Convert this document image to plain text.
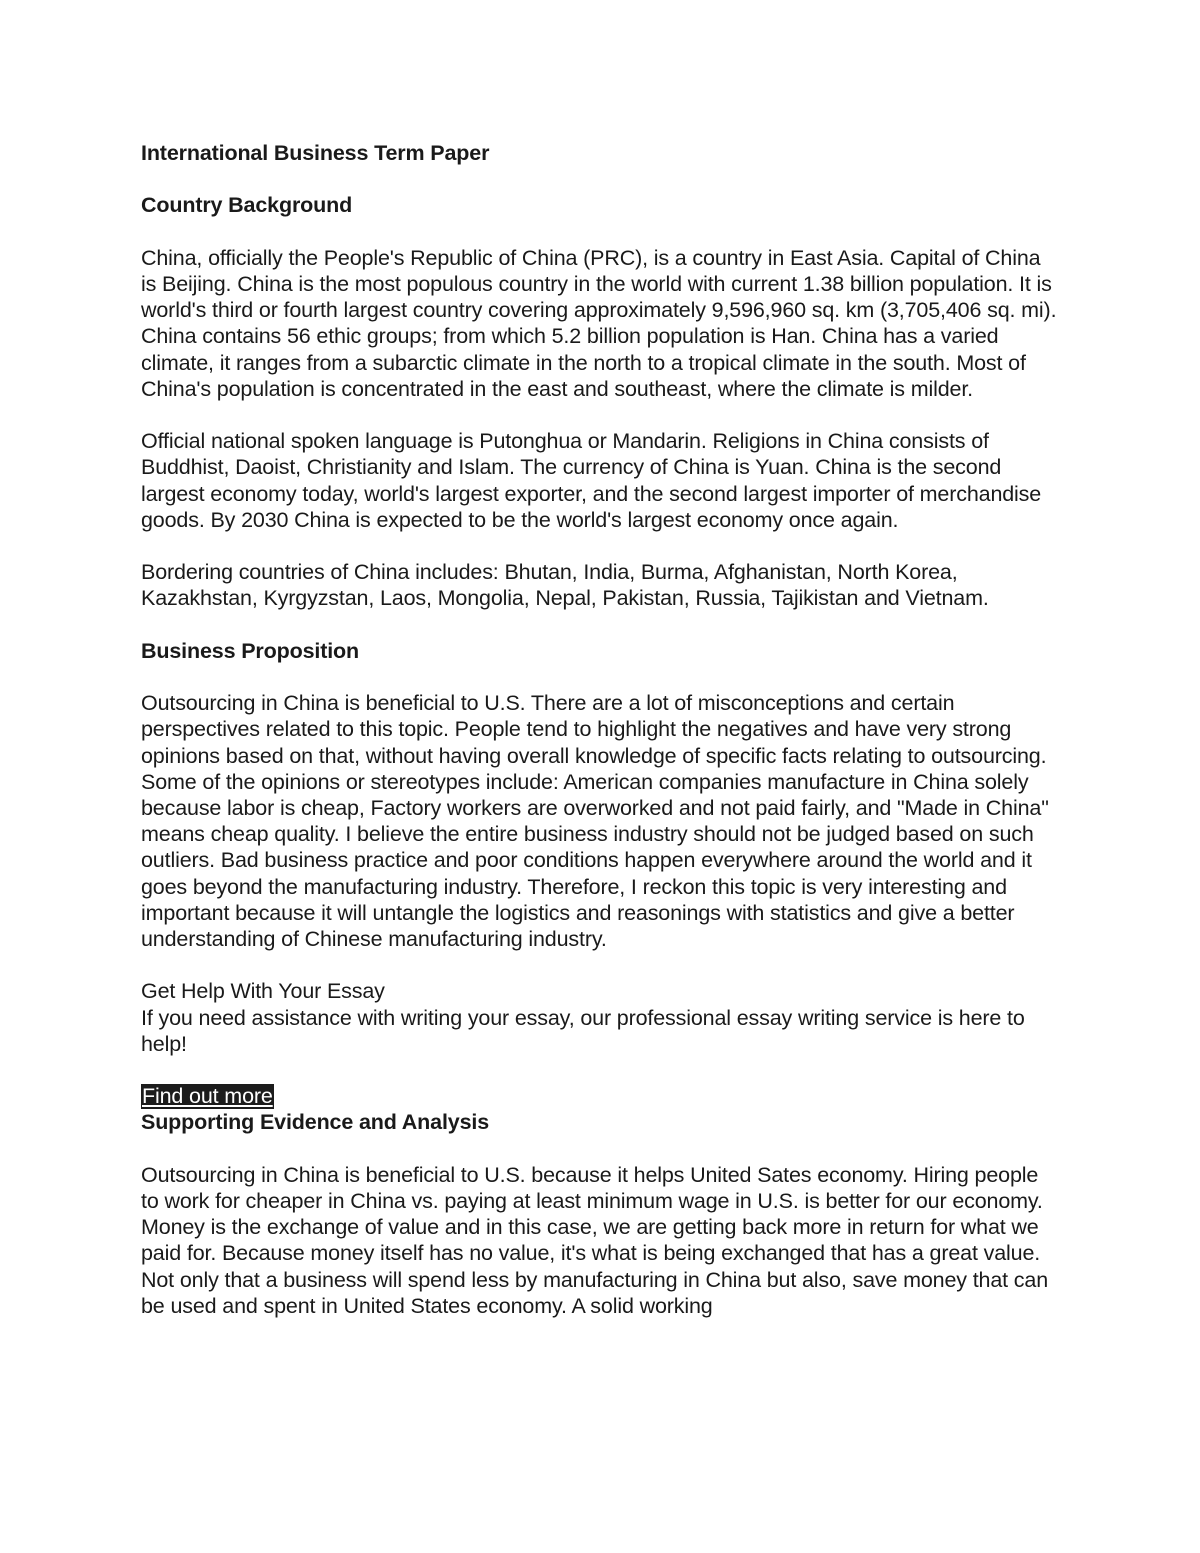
International Business Term Paper

Country Background

China, officially the People's Republic of China (PRC), is a country in East Asia. Capital of China is Beijing. China is the most populous country in the world with current 1.38 billion population. It is world's third or fourth largest country covering approximately 9,596,960 sq. km (3,705,406 sq. mi). China contains 56 ethic groups; from which 5.2 billion population is Han. China has a varied climate, it ranges from a subarctic climate in the north to a tropical climate in the south. Most of China's population is concentrated in the east and southeast, where the climate is milder.

Official national spoken language is Putonghua or Mandarin. Religions in China consists of Buddhist, Daoist, Christianity and Islam. The currency of China is Yuan. China is the second largest economy today, world's largest exporter, and the second largest importer of merchandise goods. By 2030 China is expected to be the world's largest economy once again.

Bordering countries of China includes: Bhutan, India, Burma, Afghanistan, North Korea, Kazakhstan, Kyrgyzstan, Laos, Mongolia, Nepal, Pakistan, Russia, Tajikistan and Vietnam.

Business Proposition

Outsourcing in China is beneficial to U.S. There are a lot of misconceptions and certain perspectives related to this topic. People tend to highlight the negatives and have very strong opinions based on that, without having overall knowledge of specific facts relating to outsourcing. Some of the opinions or stereotypes include: American companies manufacture in China solely because labor is cheap, Factory workers are overworked and not paid fairly, and "Made in China" means cheap quality. I believe the entire business industry should not be judged based on such outliers. Bad business practice and poor conditions happen everywhere around the world and it goes beyond the manufacturing industry. Therefore, I reckon this topic is very interesting and important because it will untangle the logistics and reasonings with statistics and give a better understanding of Chinese manufacturing industry.

Get Help With Your Essay

If you need assistance with writing your essay, our professional essay writing service is here to help!

Find out more

Supporting Evidence and Analysis

Outsourcing in China is beneficial to U.S. because it helps United Sates economy. Hiring people to work for cheaper in China vs. paying at least minimum wage in U.S. is better for our economy. Money is the exchange of value and in this case, we are getting back more in return for what we paid for. Because money itself has no value, it's what is being exchanged that has a great value. Not only that a business will spend less by manufacturing in China but also, save money that can be used and spent in United States economy. A solid working
